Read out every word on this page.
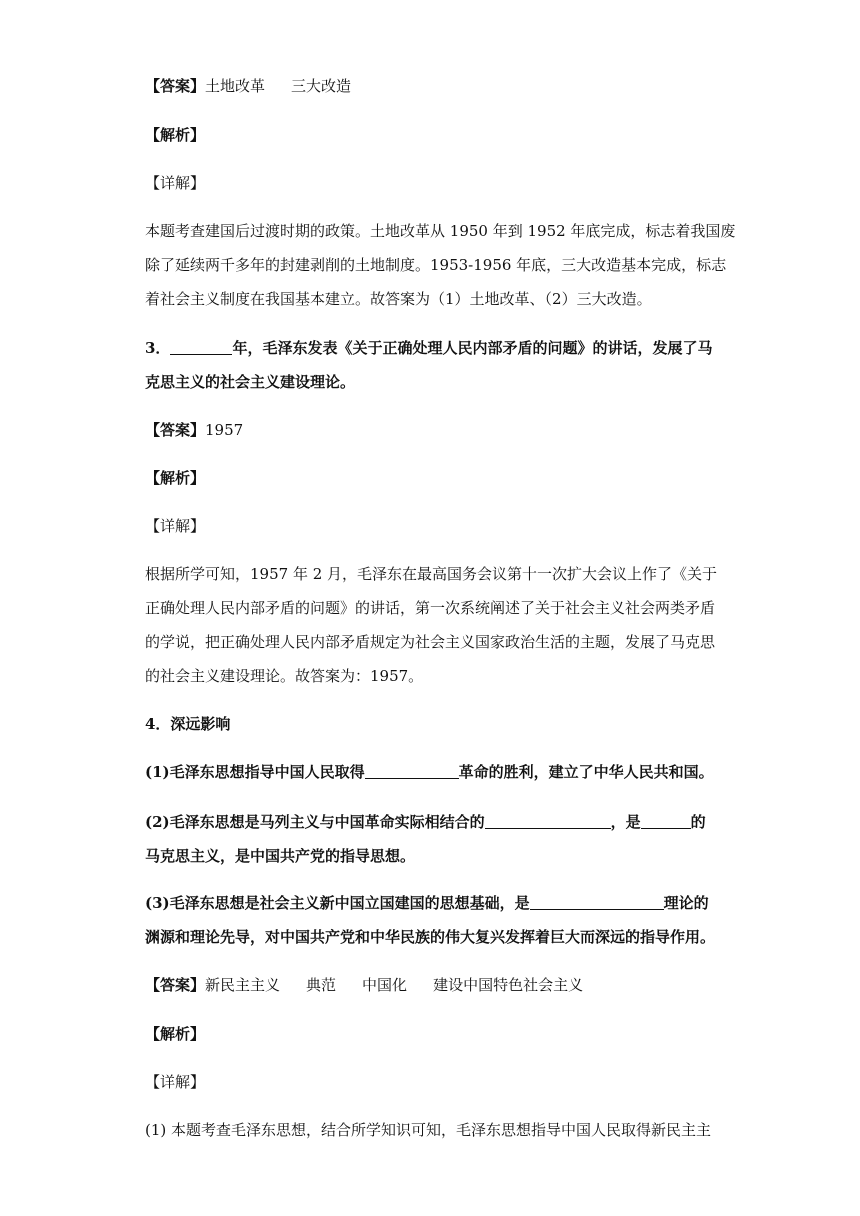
【答案】土地改革 三大改造
【解析】
【详解】
本题考查建国后过渡时期的政策。土地改革从 1950 年到 1952 年底完成，标志着我国废
除了延续两千多年的封建剥削的土地制度。1953-1956 年底，三大改造基本完成，标志
着社会主义制度在我国基本建立。故答案为（1）土地改革、（2）三大改造。
3．	年，毛泽东发表《关于正确处理人民内部矛盾的问题》的讲话，发展了马
克思主义的社会主义建设理论。
【答案】1957
【解析】
【详解】
根据所学可知，1957 年 2 月，毛泽东在最高国务会议第十一次扩大会议上作了《关于
正确处理人民内部矛盾的问题》的讲话，第一次系统阐述了关于社会主义社会两类矛盾
的学说，把正确处理人民内部矛盾规定为社会主义国家政治生活的主题，发展了马克思
的社会主义建设理论。故答案为：1957。
4．深远影响
(1)毛泽东思想指导中国人民取得	革命的胜利，建立了中华人民共和国。
(2)毛泽东思想是马列主义与中国革命实际相结合的	，是	的
马克思主义，是中国共产党的指导思想。
(3)毛泽东思想是社会主义新中国立国建国的思想基础，是	理论的
渊源和理论先导，对中国共产党和中华民族的伟大复兴发挥着巨大而深远的指导作用。
【答案】新民主主义 典范 中国化 建设中国特色社会主义
【解析】
【详解】
(1) 本题考查毛泽东思想，结合所学知识可知，毛泽东思想指导中国人民取得新民主主
